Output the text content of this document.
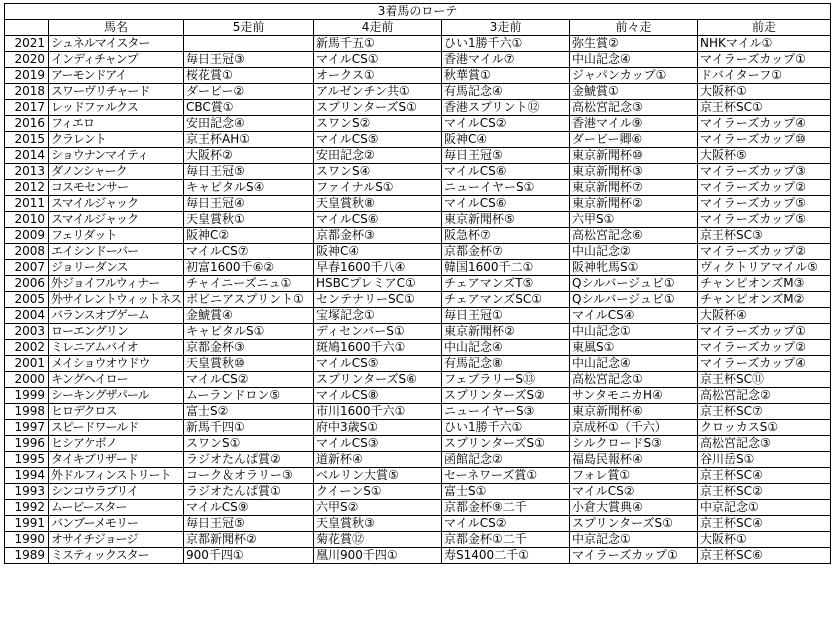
3着馬のローテ						
	馬名	5走前	4走前	3走前	前々走	前走
2021	シュネルマイスター		新馬千五①	ひい1勝千六①	弥生賞②	NHKマイル①
2020	インディチャンプ	毎日王冠③	マイルCS①	香港マイル⑦	中山記念④	マイラーズカップ①
2019	アーモンドアイ	桜花賞①	オークス①	秋華賞①	ジャパンカップ①	ドバイターフ①
2018	スワーヴリチャード	ダービー②	アルゼンチン共①	有馬記念④	金鯱賞①	大阪杯①
2017	レッドファルクス	CBC賞①	スプリンターズS①	香港スプリント⑫	高松宮記念③	京王杯SC①
2016	フィエロ	安田記念④	スワンS②	マイルCS②	香港マイル⑨	マイラーズカップ④
2015	クラレント	京王杯AH①	マイルCS⑤	阪神C④	ダービー卿⑥	マイラーズカップ⑩
2014	ショウナンマイティ	大阪杯②	安田記念②	毎日王冠⑤	東京新聞杯⑩	大阪杯⑤
2013	ダノンシャーク	毎日王冠⑤	スワンS④	マイルCS⑥	東京新聞杯③	マイラーズカップ③
2012	コスモセンサー	キャピタルS④	ファイナルS①	ニューイヤーS①	東京新聞杯⑦	マイラーズカップ②
2011	スマイルジャック	毎日王冠④	天皇賞秋⑧	マイルCS⑥	東京新聞杯②	マイラーズカップ⑤
2010	スマイルジャック	天皇賞秋①	マイルCS⑥	東京新聞杯⑤	六甲S①	マイラーズカップ⑤
2009	フェリダット	阪神C②	京都金杯③	阪急杯⑦	高松宮記念⑥	京王杯SC③
2008	エイシンドーバー	マイルCS⑦	阪神C④	京都金杯⑦	中山記念②	マイラーズカップ②
2007	ジョリーダンス	初富1600千⑥②	早春1600千八④	韓国1600千二①	阪神牝馬S①	ヴィクトリアマイル⑤
2006	外ジョイフルウィナー	チャイニーズニュ①	HSBCプレミアC①	チェアマンズT⑤	Qシルバージュビ①	チャンピオンズM③
2005	外サイレントウィットネス	ボビニアスプリント①	センテナリーSC①	チェアマンズSC①	Qシルバージュビ①	チャンピオンズM②
2004	バランスオブゲーム	金鯱賞④	宝塚記念①	毎日王冠①	マイルCS④	大阪杯④
2003	ローエングリン	キャピタルS①	ディセンバーS①	東京新聞杯②	中山記念①	マイラーズカップ①
2002	ミレニアムバイオ	京都金杯③	斑鳩1600千六①	中山記念④	東風S①	マイラーズカップ②
2001	メイショウオウドウ	天皇賞秋⑩	マイルCS⑤	有馬記念⑧	中山記念④	マイラーズカップ④
2000	キングヘイロー	マイルCS②	スプリンターズS⑥	フェブラリーS⑬	高松宮記念①	京王杯SC⑪
1999	シーキングザパール	ムーランドロン⑤	マイルCS⑧	スプリンターズS②	サンタモニカH④	高松宮記念②
1998	ヒロデクロス	富士S②	市川1600千六①	ニューイヤーS③	東京新聞杯⑥	京王杯SC⑦
1997	スピードワールド	新馬千四①	府中3歳S①	ひい1勝千六①	京成杯①（千六）	クロッカスS①
1996	ヒシアケボノ	スワンS①	マイルCS③	スプリンターズS①	シルクロードS③	高松宮記念③
1995	タイキブリザード	ラジオたんぱ賞②	道新杯④	函館記念②	福島民報杯④	谷川岳S①
1994	外ドルフィンストリート	コーク＆オラリー③	ベルリン大賞⑤	セーネワーズ賞①	フォレ賞①	京王杯SC④
1993	シンコウラブリイ	ラジオたんぱ賞①	クイーンS①	富士S①	マイルCS②	京王杯SC②
1992	ムービースター	マイルCS⑨	六甲S②	京都金杯⑨二千	小倉大賞典④	中京記念①
1991	バンブーメモリー	毎日王冠⑤	天皇賞秋③	マイルCS②	スプリンターズS①	京王杯SC④
1990	オサイチジョージ	京都新聞杯②	菊花賞⑫	京都金杯①二千	中京記念①	大阪杯①
1989	ミスティックスター	900千四①	凰川900千四①	寿S1400二千①	マイラーズカップ①	京王杯SC⑥
